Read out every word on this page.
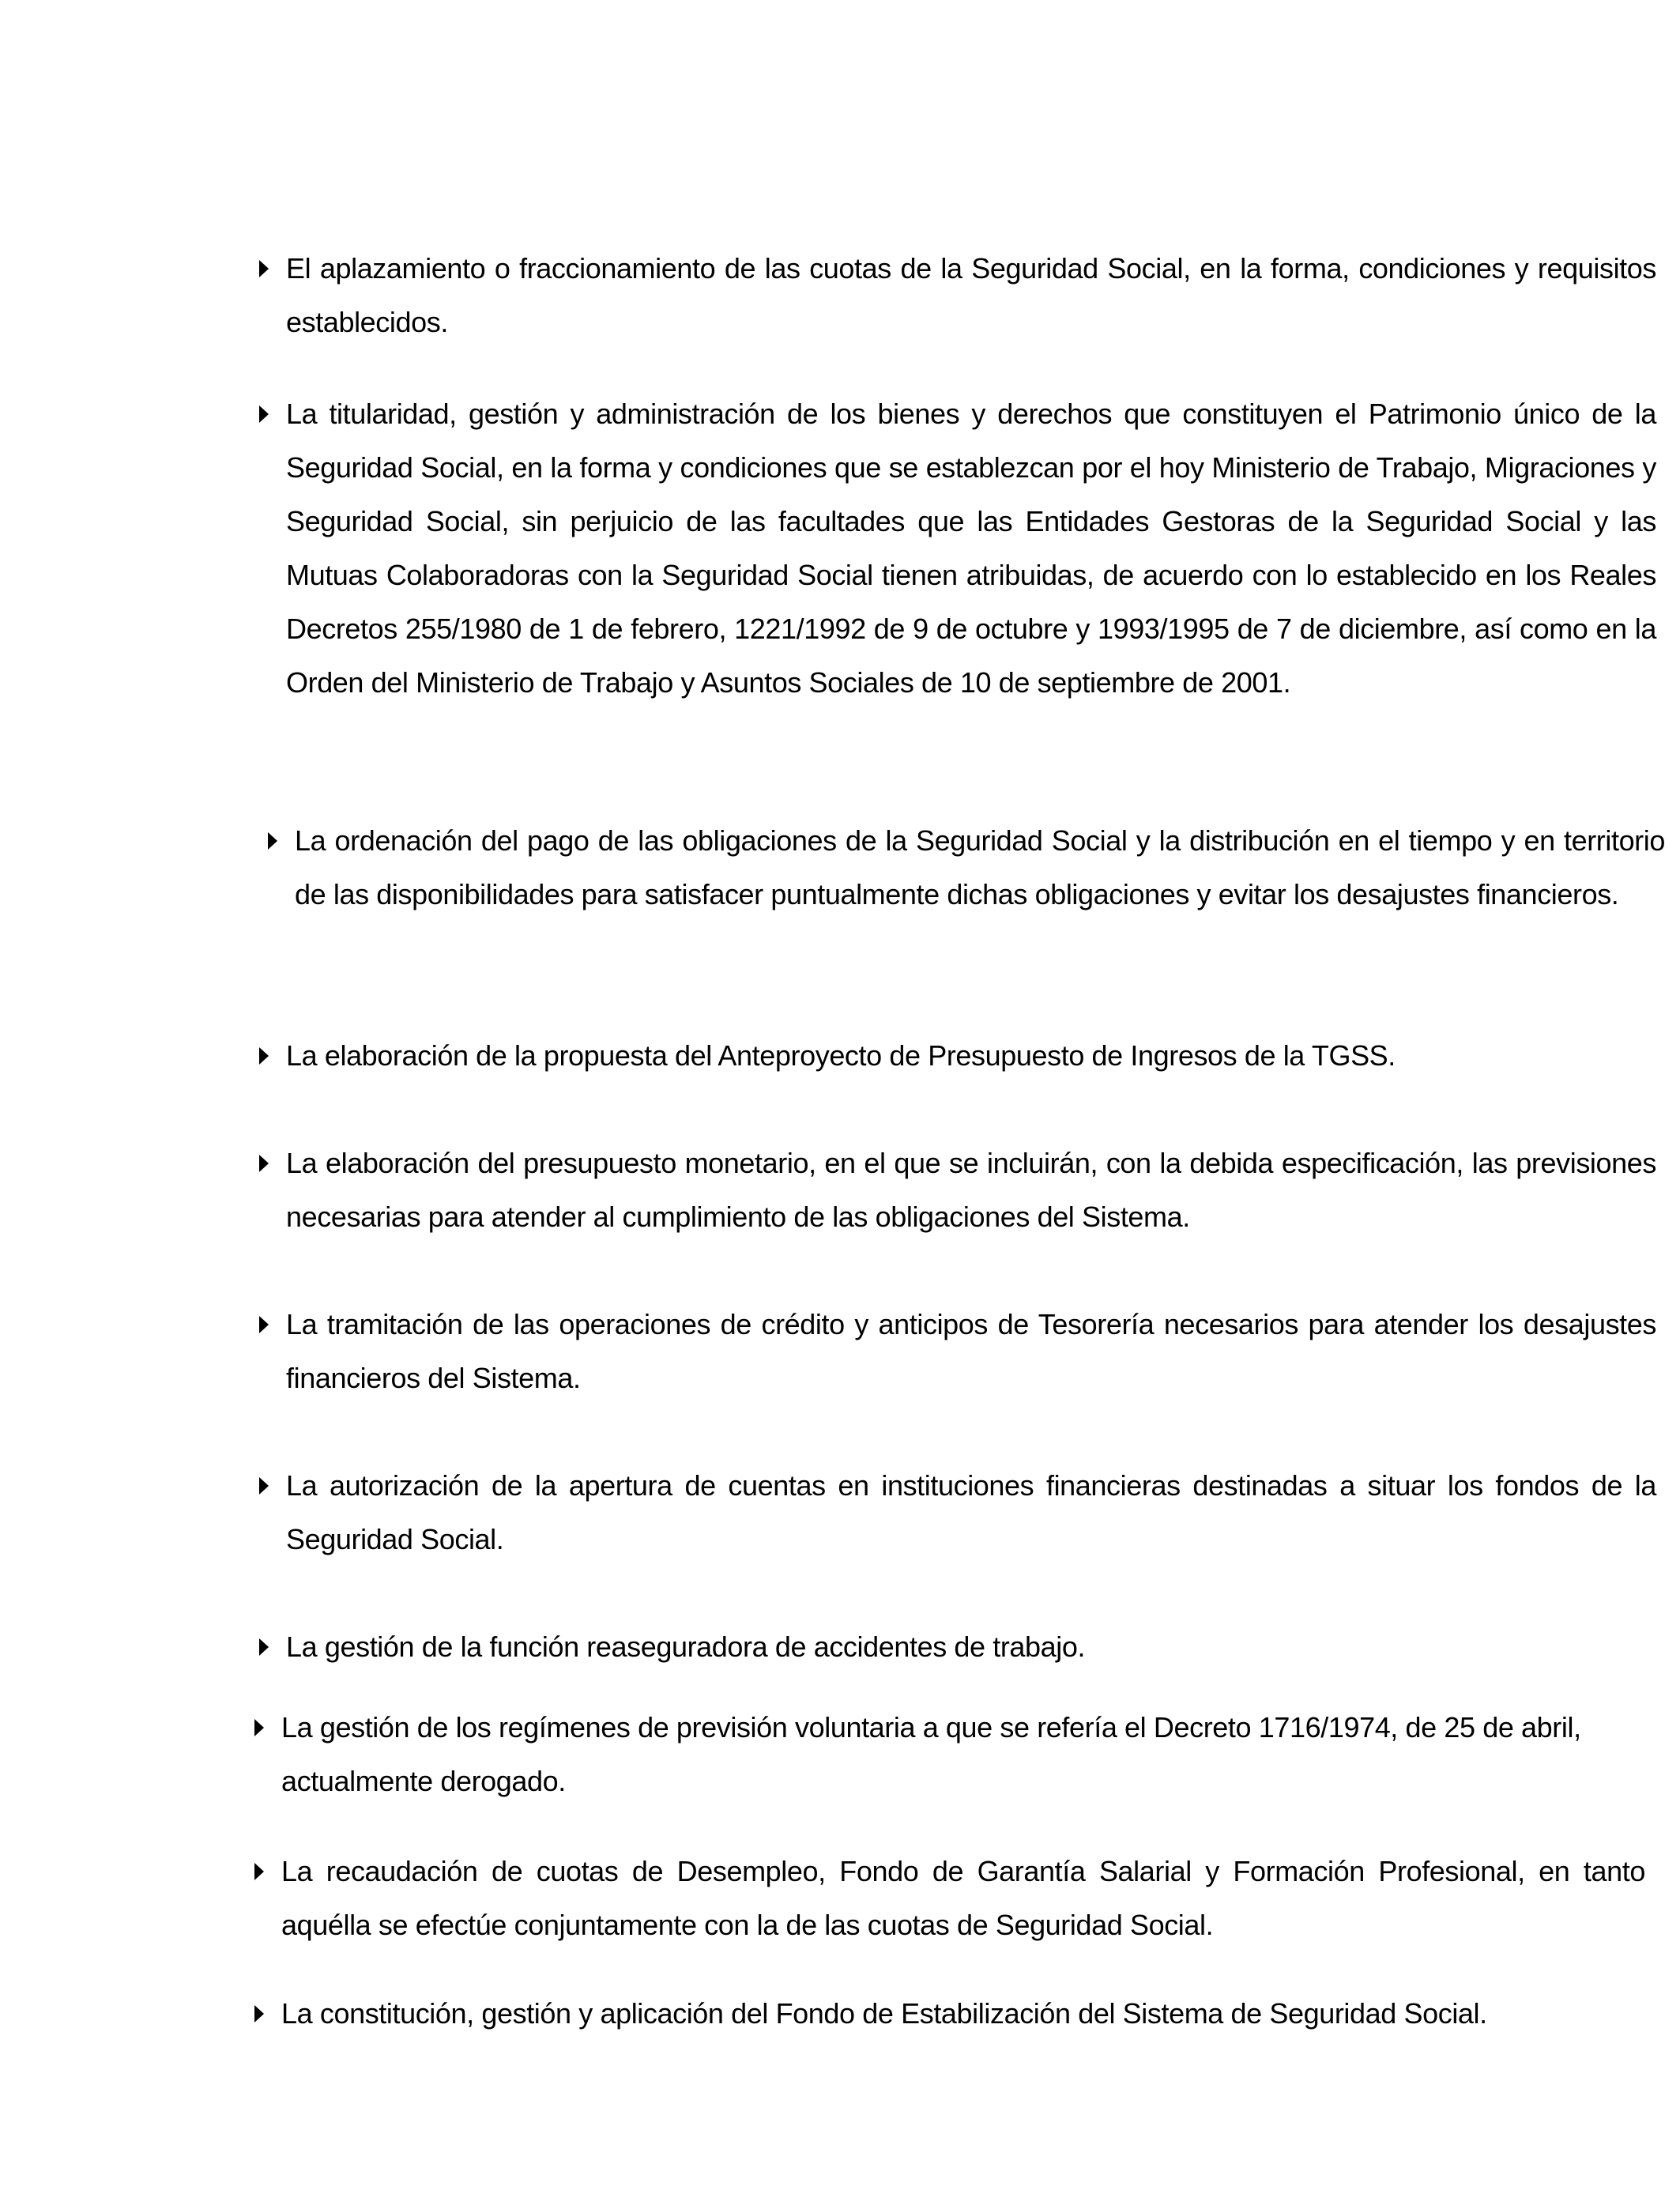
El aplazamiento o fraccionamiento de las cuotas de la Seguridad Social, en la forma, condiciones y requisitos establecidos.

La titularidad, gestión y administración de los bienes y derechos que constituyen el Patrimonio único de la Seguridad Social, en la forma y condiciones que se establezcan por el hoy Ministerio de Trabajo, Migraciones y Seguridad Social, sin perjuicio de las facultades que las Entidades Gestoras de la Seguridad Social y las Mutuas Colaboradoras con la Seguridad Social tienen atribuidas, de acuerdo con lo establecido en los Reales Decretos 255/1980 de 1 de febrero, 1221/1992 de 9 de octubre y 1993/1995 de 7 de diciembre, así como en la Orden del Ministerio de Trabajo y Asuntos Sociales de 10 de septiembre de 2001.

La ordenación del pago de las obligaciones de la Seguridad Social y la distribución en el tiempo y en territorio de las disponibilidades para satisfacer puntualmente dichas obligaciones y evitar los desajustes financieros.

La elaboración de la propuesta del Anteproyecto de Presupuesto de Ingresos de la TGSS.

La elaboración del presupuesto monetario, en el que se incluirán, con la debida especificación, las previsiones necesarias para atender al cumplimiento de las obligaciones del Sistema.

La tramitación de las operaciones de crédito y anticipos de Tesorería necesarios para atender los desajustes financieros del Sistema.

La autorización de la apertura de cuentas en instituciones financieras destinadas a situar los fondos de la Seguridad Social.

La gestión de la función reaseguradora de accidentes de trabajo.

La gestión de los regímenes de previsión voluntaria a que se refería el Decreto 1716/1974, de 25 de abril, actualmente derogado.

La recaudación de cuotas de Desempleo, Fondo de Garantía Salarial y Formación Profesional, en tanto aquélla se efectúe conjuntamente con la de las cuotas de Seguridad Social.

La constitución, gestión y aplicación del Fondo de Estabilización del Sistema de Seguridad Social.
